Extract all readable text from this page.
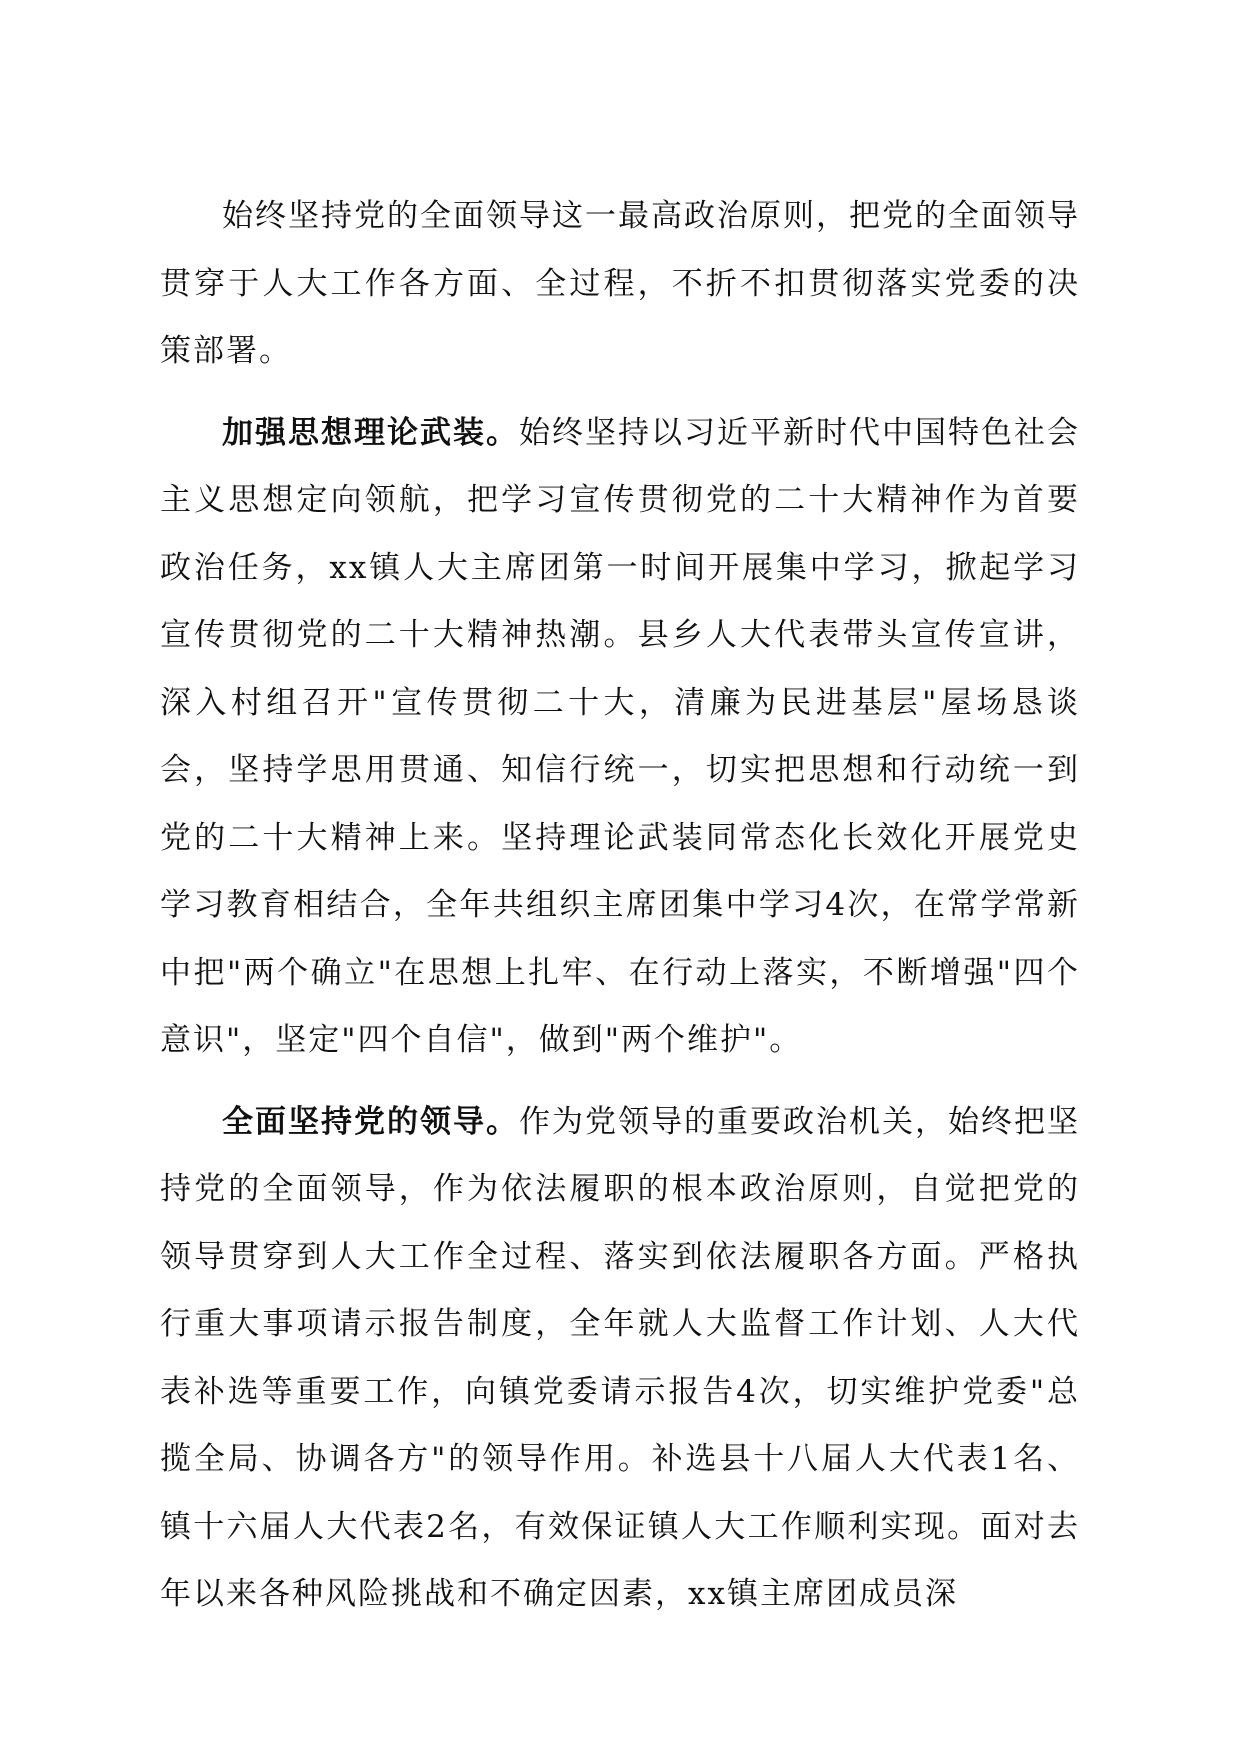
始终坚持党的全面领导这一最高政治原则，把党的全面领导贯穿于人大工作各方面、全过程，不折不扣贯彻落实党委的决策部署。

加强思想理论武装。始终坚持以习近平新时代中国特色社会主义思想定向领航，把学习宣传贯彻党的二十大精神作为首要政治任务，xx镇人大主席团第一时间开展集中学习，掀起学习宣传贯彻党的二十大精神热潮。县乡人大代表带头宣传宣讲，深入村组召开"宣传贯彻二十大，清廉为民进基层"屋场恳谈会，坚持学思用贯通、知信行统一，切实把思想和行动统一到党的二十大精神上来。坚持理论武装同常态化长效化开展党史学习教育相结合，全年共组织主席团集中学习4次，在常学常新中把"两个确立"在思想上扎牢、在行动上落实，不断增强"四个意识"，坚定"四个自信"，做到"两个维护"。

全面坚持党的领导。作为党领导的重要政治机关，始终把坚持党的全面领导，作为依法履职的根本政治原则，自觉把党的领导贯穿到人大工作全过程、落实到依法履职各方面。严格执行重大事项请示报告制度，全年就人大监督工作计划、人大代表补选等重要工作，向镇党委请示报告4次，切实维护党委"总揽全局、协调各方"的领导作用。补选县十八届人大代表1名、镇十六届人大代表2名，有效保证镇人大工作顺利实现。面对去年以来各种风险挑战和不确定因素，xx镇主席团成员深
